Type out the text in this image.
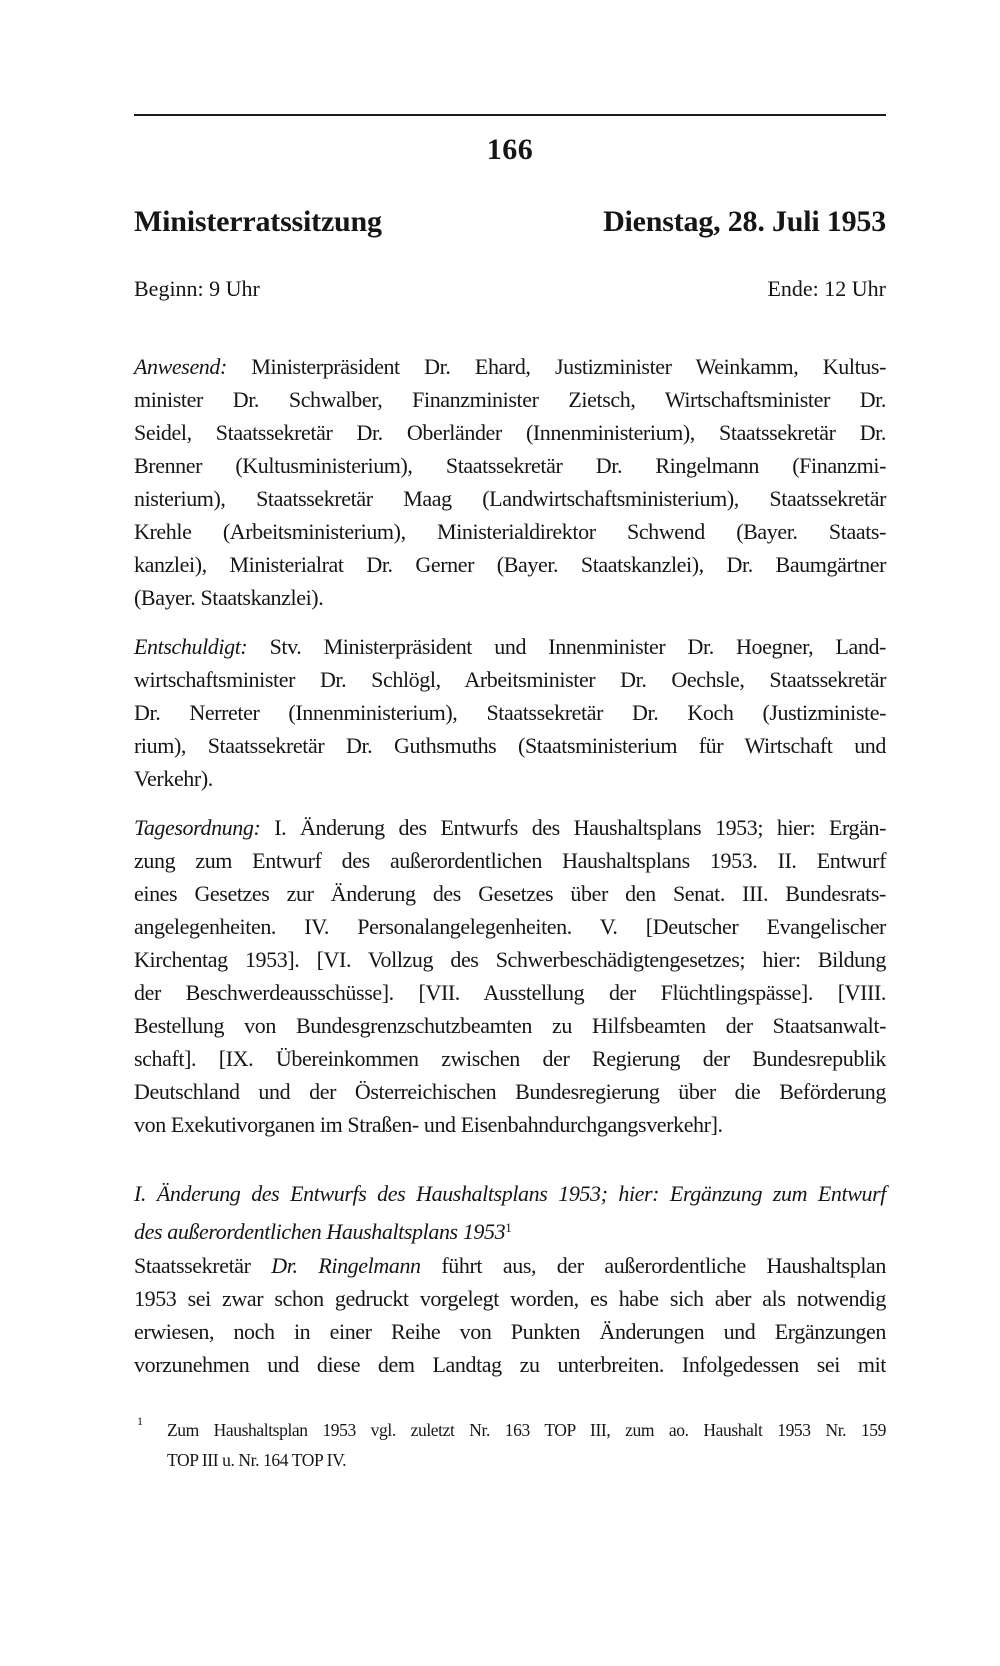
166
Ministerratssitzung	Dienstag, 28. Juli 1953
Beginn: 9 Uhr	Ende: 12 Uhr
Anwesend: Ministerpräsident Dr. Ehard, Justizminister Weinkamm, Kultus-
minister Dr. Schwalber, Finanzminister Zietsch, Wirtschaftsminister Dr.
Seidel, Staatssekretär Dr. Oberländer (Innenministerium), Staatssekretär Dr.
Brenner (Kultusministerium), Staatssekretär Dr. Ringelmann (Finanzmi-
nisterium), Staatssekretär Maag (Landwirtschaftsministerium), Staatssekretär
Krehle (Arbeitsministerium), Ministerialdirektor Schwend (Bayer. Staats-
kanzlei), Ministerialrat Dr. Gerner (Bayer. Staatskanzlei), Dr. Baumgärtner
(Bayer. Staatskanzlei).
Entschuldigt: Stv. Ministerpräsident und Innenminister Dr. Hoegner, Land-
wirtschaftsminister Dr. Schlögl, Arbeitsminister Dr. Oechsle, Staatssekretär
Dr. Nerreter (Innenministerium), Staatssekretär Dr. Koch (Justizministe-
rium), Staatssekretär Dr. Guthsmuths (Staatsministerium für Wirtschaft und
Verkehr).
Tagesordnung: I. Änderung des Entwurfs des Haushaltsplans 1953; hier: Ergän-
zung zum Entwurf des außerordentlichen Haushaltsplans 1953. II. Entwurf
eines Gesetzes zur Änderung des Gesetzes über den Senat. III. Bundesrats-
angelegenheiten. IV. Personalangelegenheiten. V. [Deutscher Evangelischer
Kirchentag 1953]. [VI. Vollzug des Schwerbeschädigtengesetzes; hier: Bildung
der Beschwerdeausschüsse]. [VII. Ausstellung der Flüchtlingspässe]. [VIII.
Bestellung von Bundesgrenzschutzbeamten zu Hilfsbeamten der Staatsanwalt-
schaft]. [IX. Übereinkommen zwischen der Regierung der Bundesrepublik
Deutschland und der Österreichischen Bundesregierung über die Beförderung
von Exekutivorganen im Straßen- und Eisenbahndurchgangsverkehr].
I. Änderung des Entwurfs des Haushaltsplans 1953; hier: Ergänzung zum Entwurf
des außerordentlichen Haushaltsplans 1953$^1$
Staatssekretär Dr. Ringelmann führt aus, der außerordentliche Haushaltsplan
1953 sei zwar schon gedruckt vorgelegt worden, es habe sich aber als notwendig
erwiesen, noch in einer Reihe von Punkten Änderungen und Ergänzungen
vorzunehmen und diese dem Landtag zu unterbreiten. Infolgedessen sei mit
1 Zum Haushaltsplan 1953 vgl. zuletzt Nr. 163 TOP III, zum ao. Haushalt 1953 Nr. 159
TOP III u. Nr. 164 TOP IV.
